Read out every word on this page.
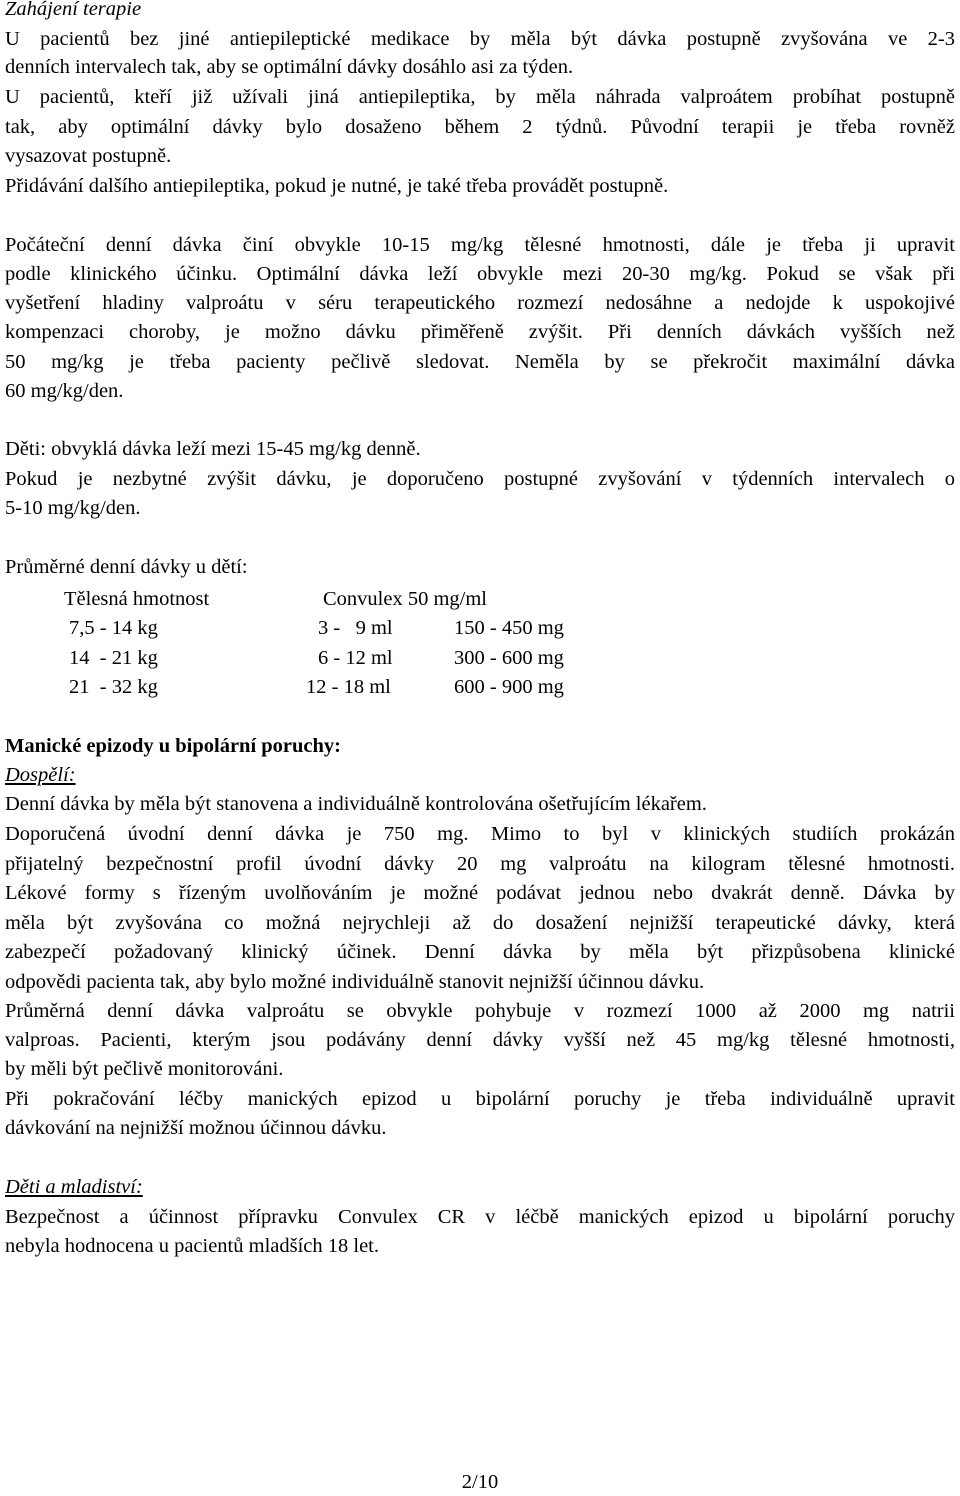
Zahájení terapie
U pacientů bez jiné antiepileptické medikace by měla být dávka postupně zvyšována ve 2-3
denních intervalech tak, aby se optimální dávky dosáhlo asi za týden.
U pacientů, kteří již užívali jiná antiepileptika, by měla náhrada valproátem probíhat postupně
tak, aby optimální dávky bylo dosaženo během 2 týdnů. Původní terapii je třeba rovněž
vysazovat postupně.
Přidávání dalšího antiepileptika, pokud je nutné, je také třeba provádět postupně.
Počáteční denní dávka činí obvykle 10-15 mg/kg tělesné hmotnosti, dále je třeba ji upravit
podle klinického účinku. Optimální dávka leží obvykle mezi 20-30 mg/kg. Pokud se však při
vyšetření hladiny valproátu v séru terapeutického rozmezí nedosáhne a nedojde k uspokojivé
kompenzaci choroby, je možno dávku přiměřeně zvýšit. Při denních dávkách vyšších než
50 mg/kg je třeba pacienty pečlivě sledovat. Neměla by se překročit maximální dávka
60 mg/kg/den.
Děti: obvyklá dávka leží mezi 15-45 mg/kg denně.
Pokud je nezbytné zvýšit dávku, je doporučeno postupné zvyšování v týdenních intervalech o
5-10 mg/kg/den.
Průměrné denní dávky u dětí:
Tělesná hmotnost	Convulex 50 mg/ml
7,5 - 14 kg	3 -   9 ml	150 - 450 mg
14  - 21 kg	6 - 12 ml	300 - 600 mg
21  - 32 kg	12 - 18 ml	600 - 900 mg
Manické epizody u bipolární poruchy:
Dospělí:
Denní dávka by měla být stanovena a individuálně kontrolována ošetřujícím lékařem.
Doporučená úvodní denní dávka je 750 mg. Mimo to byl v klinických studiích prokázán
přijatelný bezpečnostní profil úvodní dávky 20 mg valproátu na kilogram tělesné hmotnosti.
Lékové formy s řízeným uvolňováním je možné podávat jednou nebo dvakrát denně. Dávka by
měla být zvyšována co možná nejrychleji až do dosažení nejnižší terapeutické dávky, která
zabezpečí požadovaný klinický účinek. Denní dávka by měla být přizpůsobena klinické
odpovědi pacienta tak, aby bylo možné individuálně stanovit nejnižší účinnou dávku.
Průměrná denní dávka valproátu se obvykle pohybuje v rozmezí 1000 až 2000 mg natrii
valproas. Pacienti, kterým jsou podávány denní dávky vyšší než 45 mg/kg tělesné hmotnosti,
by měli být pečlivě monitorováni.
Při pokračování léčby manických epizod u bipolární poruchy je třeba individuálně upravit
dávkování na nejnižší možnou účinnou dávku.
Děti a mladiství:
Bezpečnost a účinnost přípravku Convulex CR v léčbě manických epizod u bipolární poruchy
nebyla hodnocena u pacientů mladších 18 let.
2/10
